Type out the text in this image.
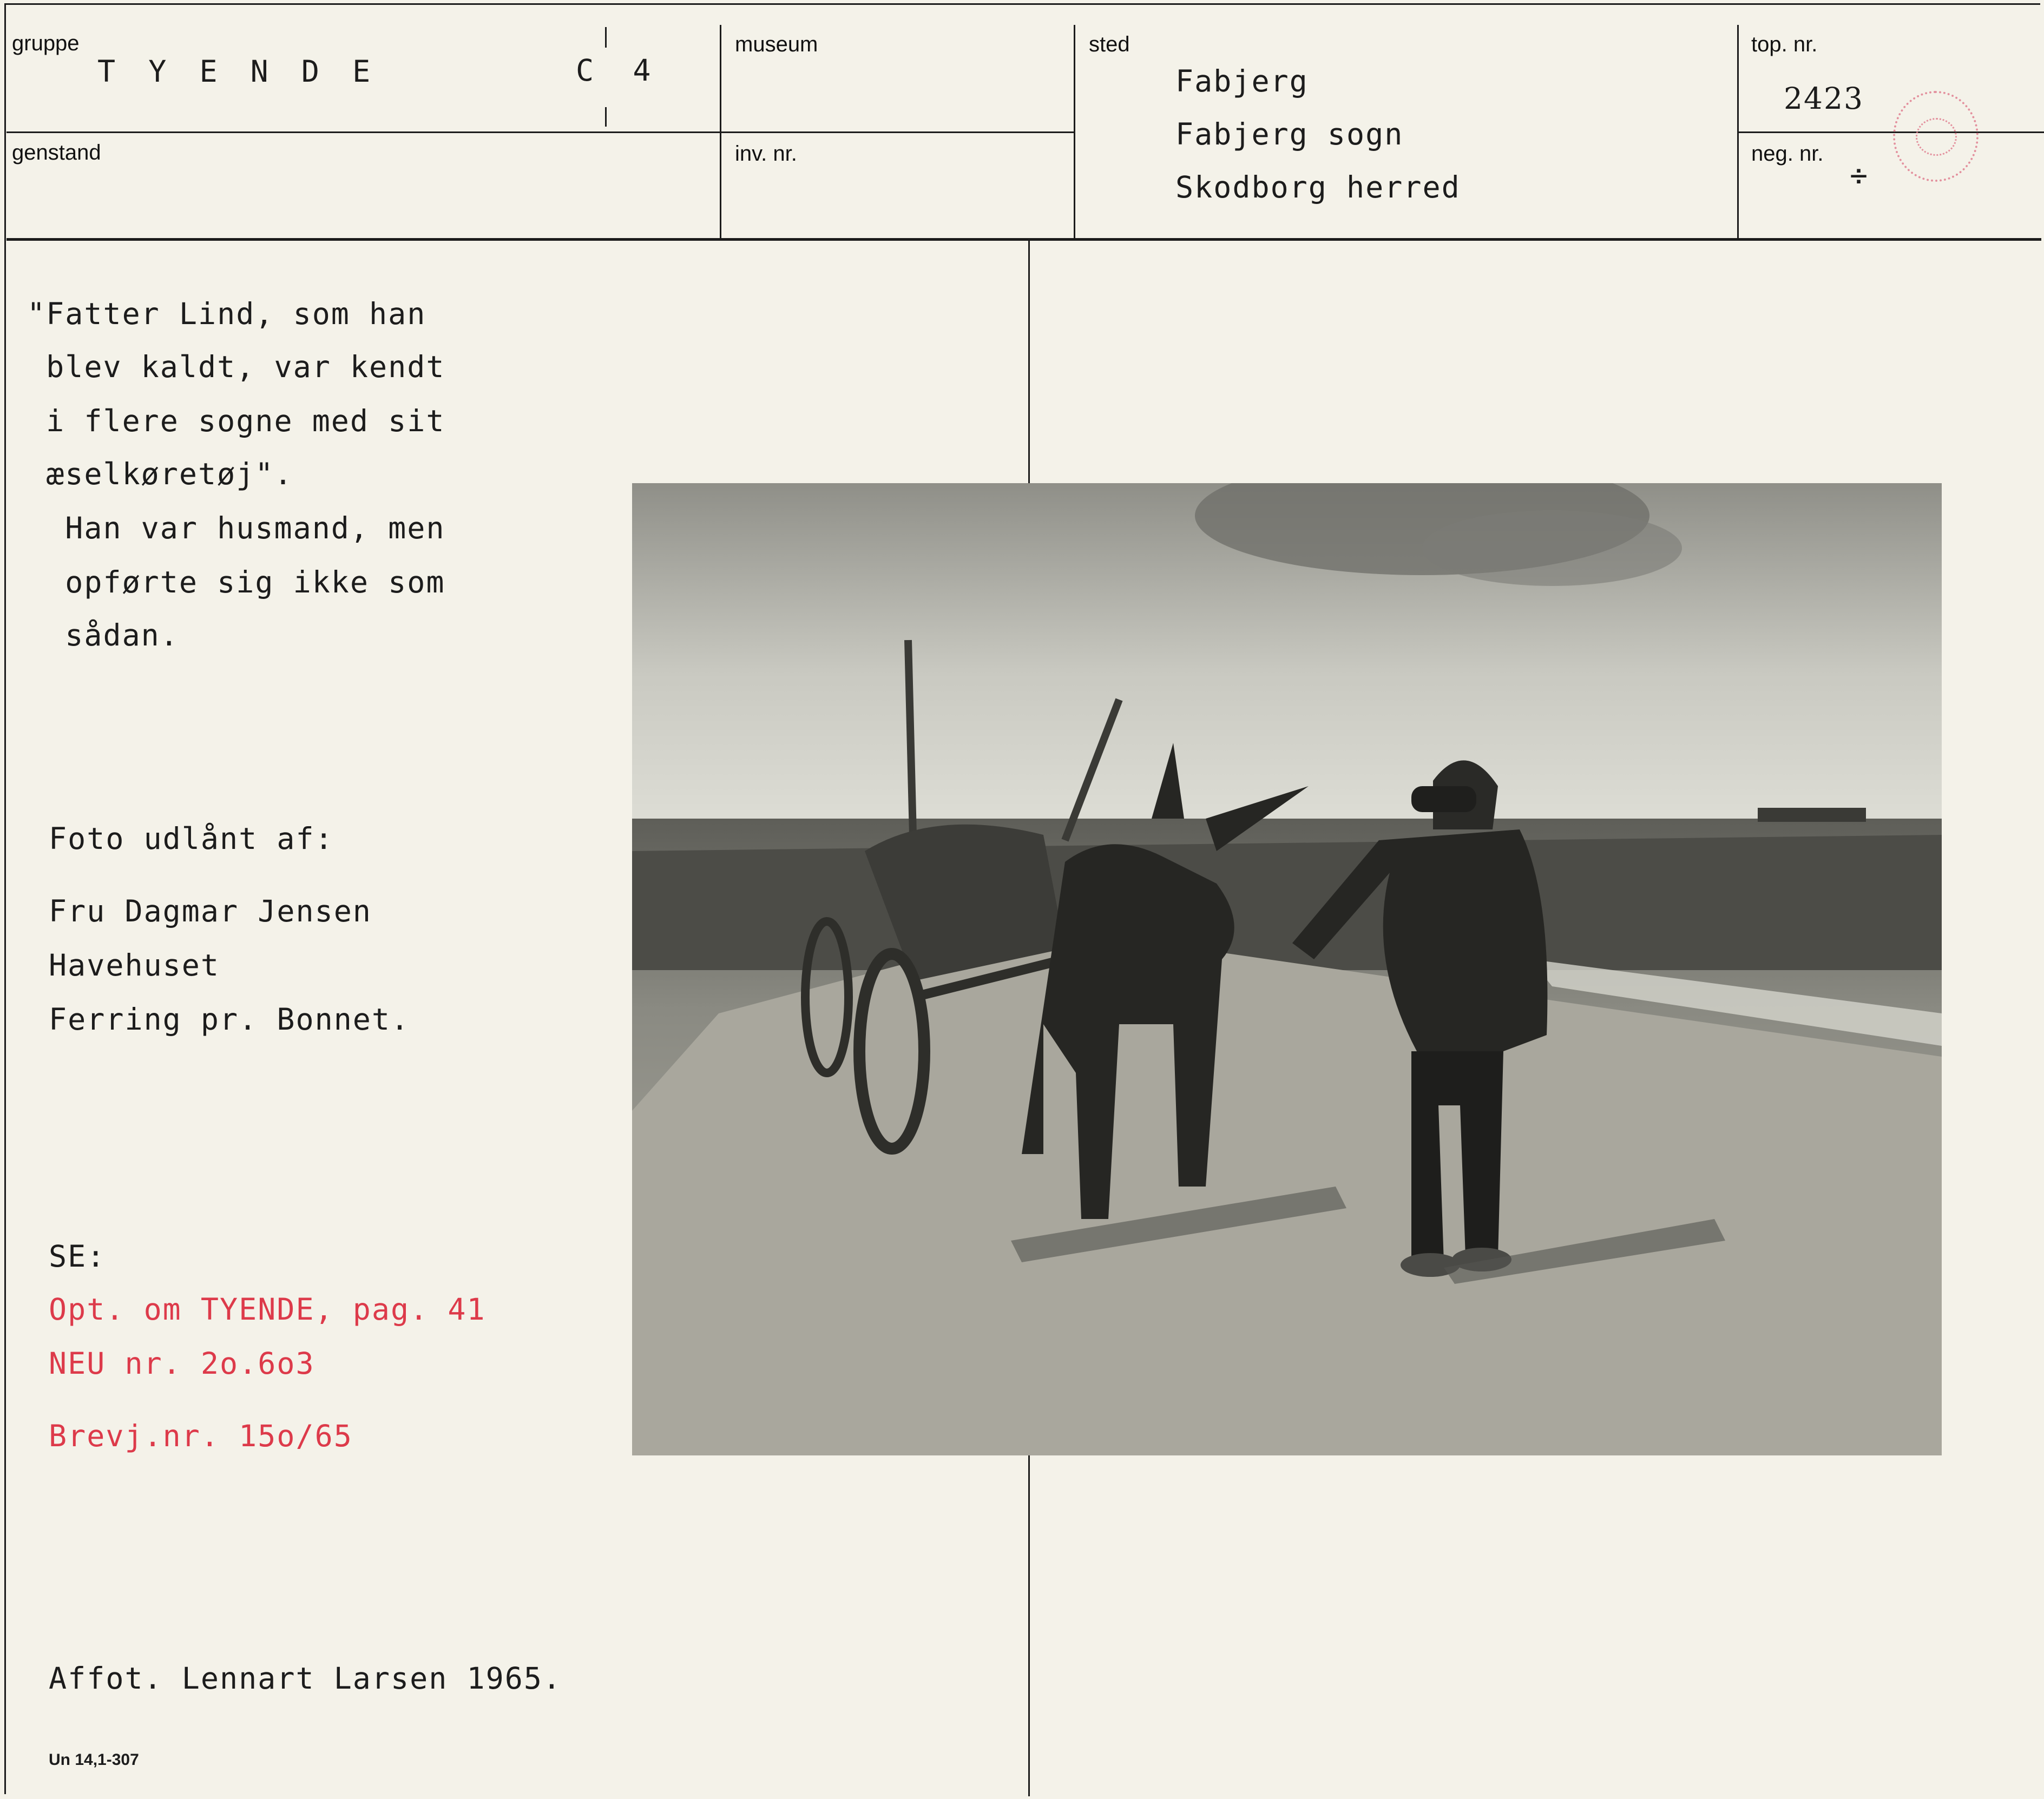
gruppe
T Y E N D E	C  4
genstand
museum
inv. nr.
sted
Fabjerg
Fabjerg sogn
Skodborg herred
top. nr.
2423
neg. nr.
÷
"Fatter Lind, som han
blev kaldt, var kendt
i flere sogne med sit
æselkøretøj".
Han var husmand, men
opførte sig ikke som
sådan.
Foto udlånt af:
Fru Dagmar Jensen
Havehuset
Ferring pr. Bonnet.
SE:
Opt. om TYENDE, pag. 41
NEU nr. 2o.6o3
Brevj.nr. 15o/65
Affot. Lennart Larsen 1965.
Un 14,1-307
